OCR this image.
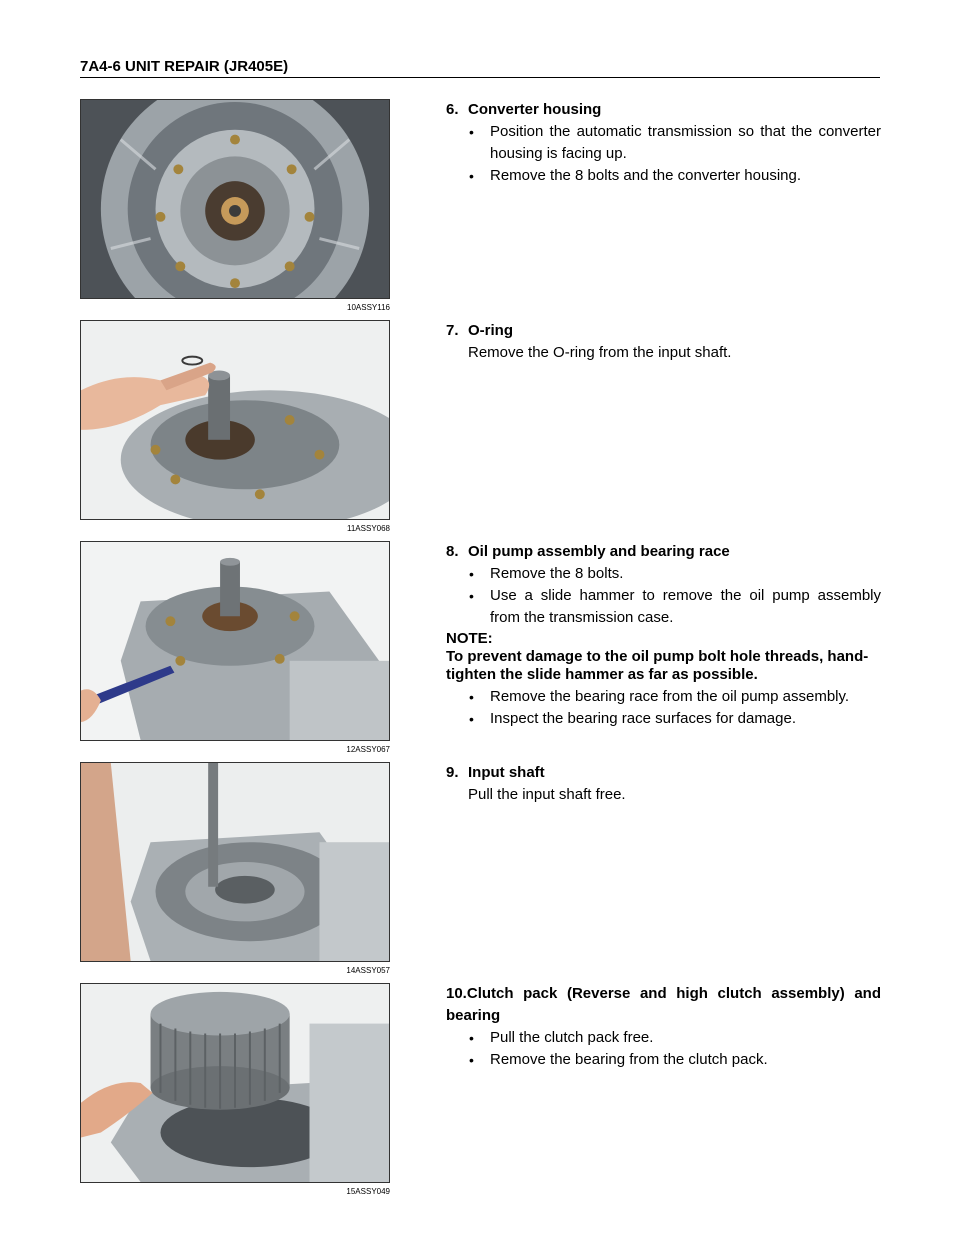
7A4-6 UNIT REPAIR (JR405E)
10ASSY116
6. Converter housing
• Position the automatic transmission so that the converter housing is facing up.
• Remove the 8 bolts and the converter housing.
11ASSY068
7. O-ring
Remove the O-ring from the input shaft.
12ASSY067
8. Oil pump assembly and bearing race
• Remove the 8 bolts.
• Use a slide hammer to remove the oil pump assembly from the transmission case.
NOTE:
To prevent damage to the oil pump bolt hole threads, hand-tighten the slide hammer as far as possible.
• Remove the bearing race from the oil pump assembly.
• Inspect the bearing race surfaces for damage.
14ASSY057
9. Input shaft
Pull the input shaft free.
15ASSY049
10.Clutch pack (Reverse and high clutch assembly) and bearing
• Pull the clutch pack free.
• Remove the bearing from the clutch pack.
